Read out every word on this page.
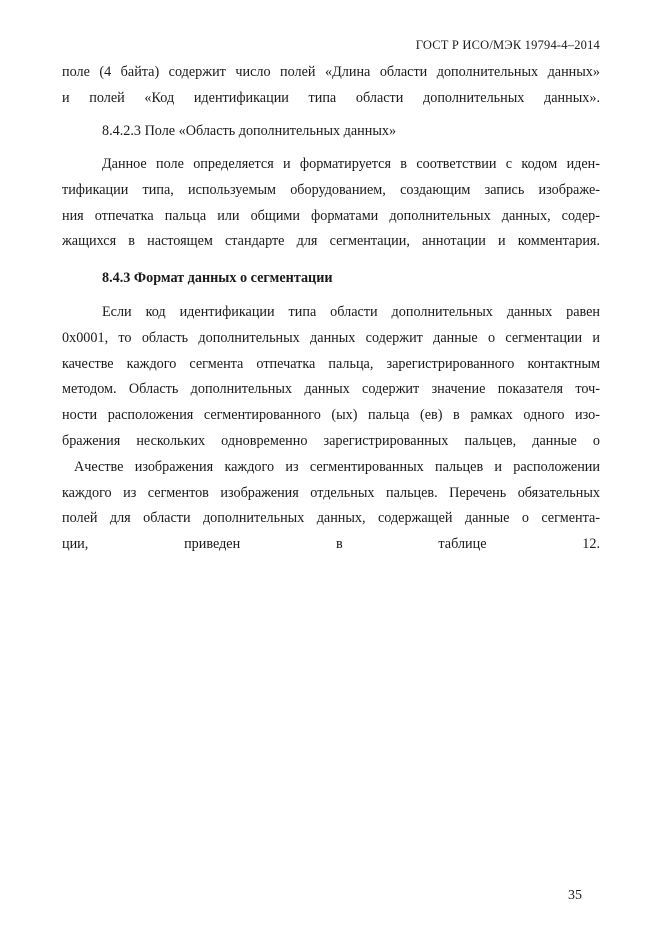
ГОСТ Р ИСО/МЭК 19794-4–2014
поле (4 байта) содержит число полей «Длина области дополнительных данных»
и полей «Код идентификации типа области дополнительных данных».
8.4.2.3 Поле «Область дополнительных данных»
Данное поле определяется и форматируется в соответствии с кодом иден-
тификации типа, используемым оборудованием, создающим запись изображе-
ния отпечатка пальца или общими форматами дополнительных данных, содер-
жащихся в настоящем стандарте для сегментации, аннотации и комментария.
8.4.3 Формат данных о сегментации
Если код идентификации типа области дополнительных данных равен
0x0001, то область дополнительных данных содержит данные о сегментации и
качестве каждого сегмента отпечатка пальца, зарегистрированного контактным
методом. Область дополнительных данных содержит значение показателя точ-
ности расположения сегментированного (ых) пальца (ев) в рамках одного изо-
бражения нескольких одновременно зарегистрированных пальцев, данные о
Ачестве изображения каждого из сегментированных пальцев и расположении
каждого из сегментов изображения отдельных пальцев. Перечень обязательных
полей для области дополнительных данных, содержащей данные о сегмента-
ции, приведен в таблице 12.
35
